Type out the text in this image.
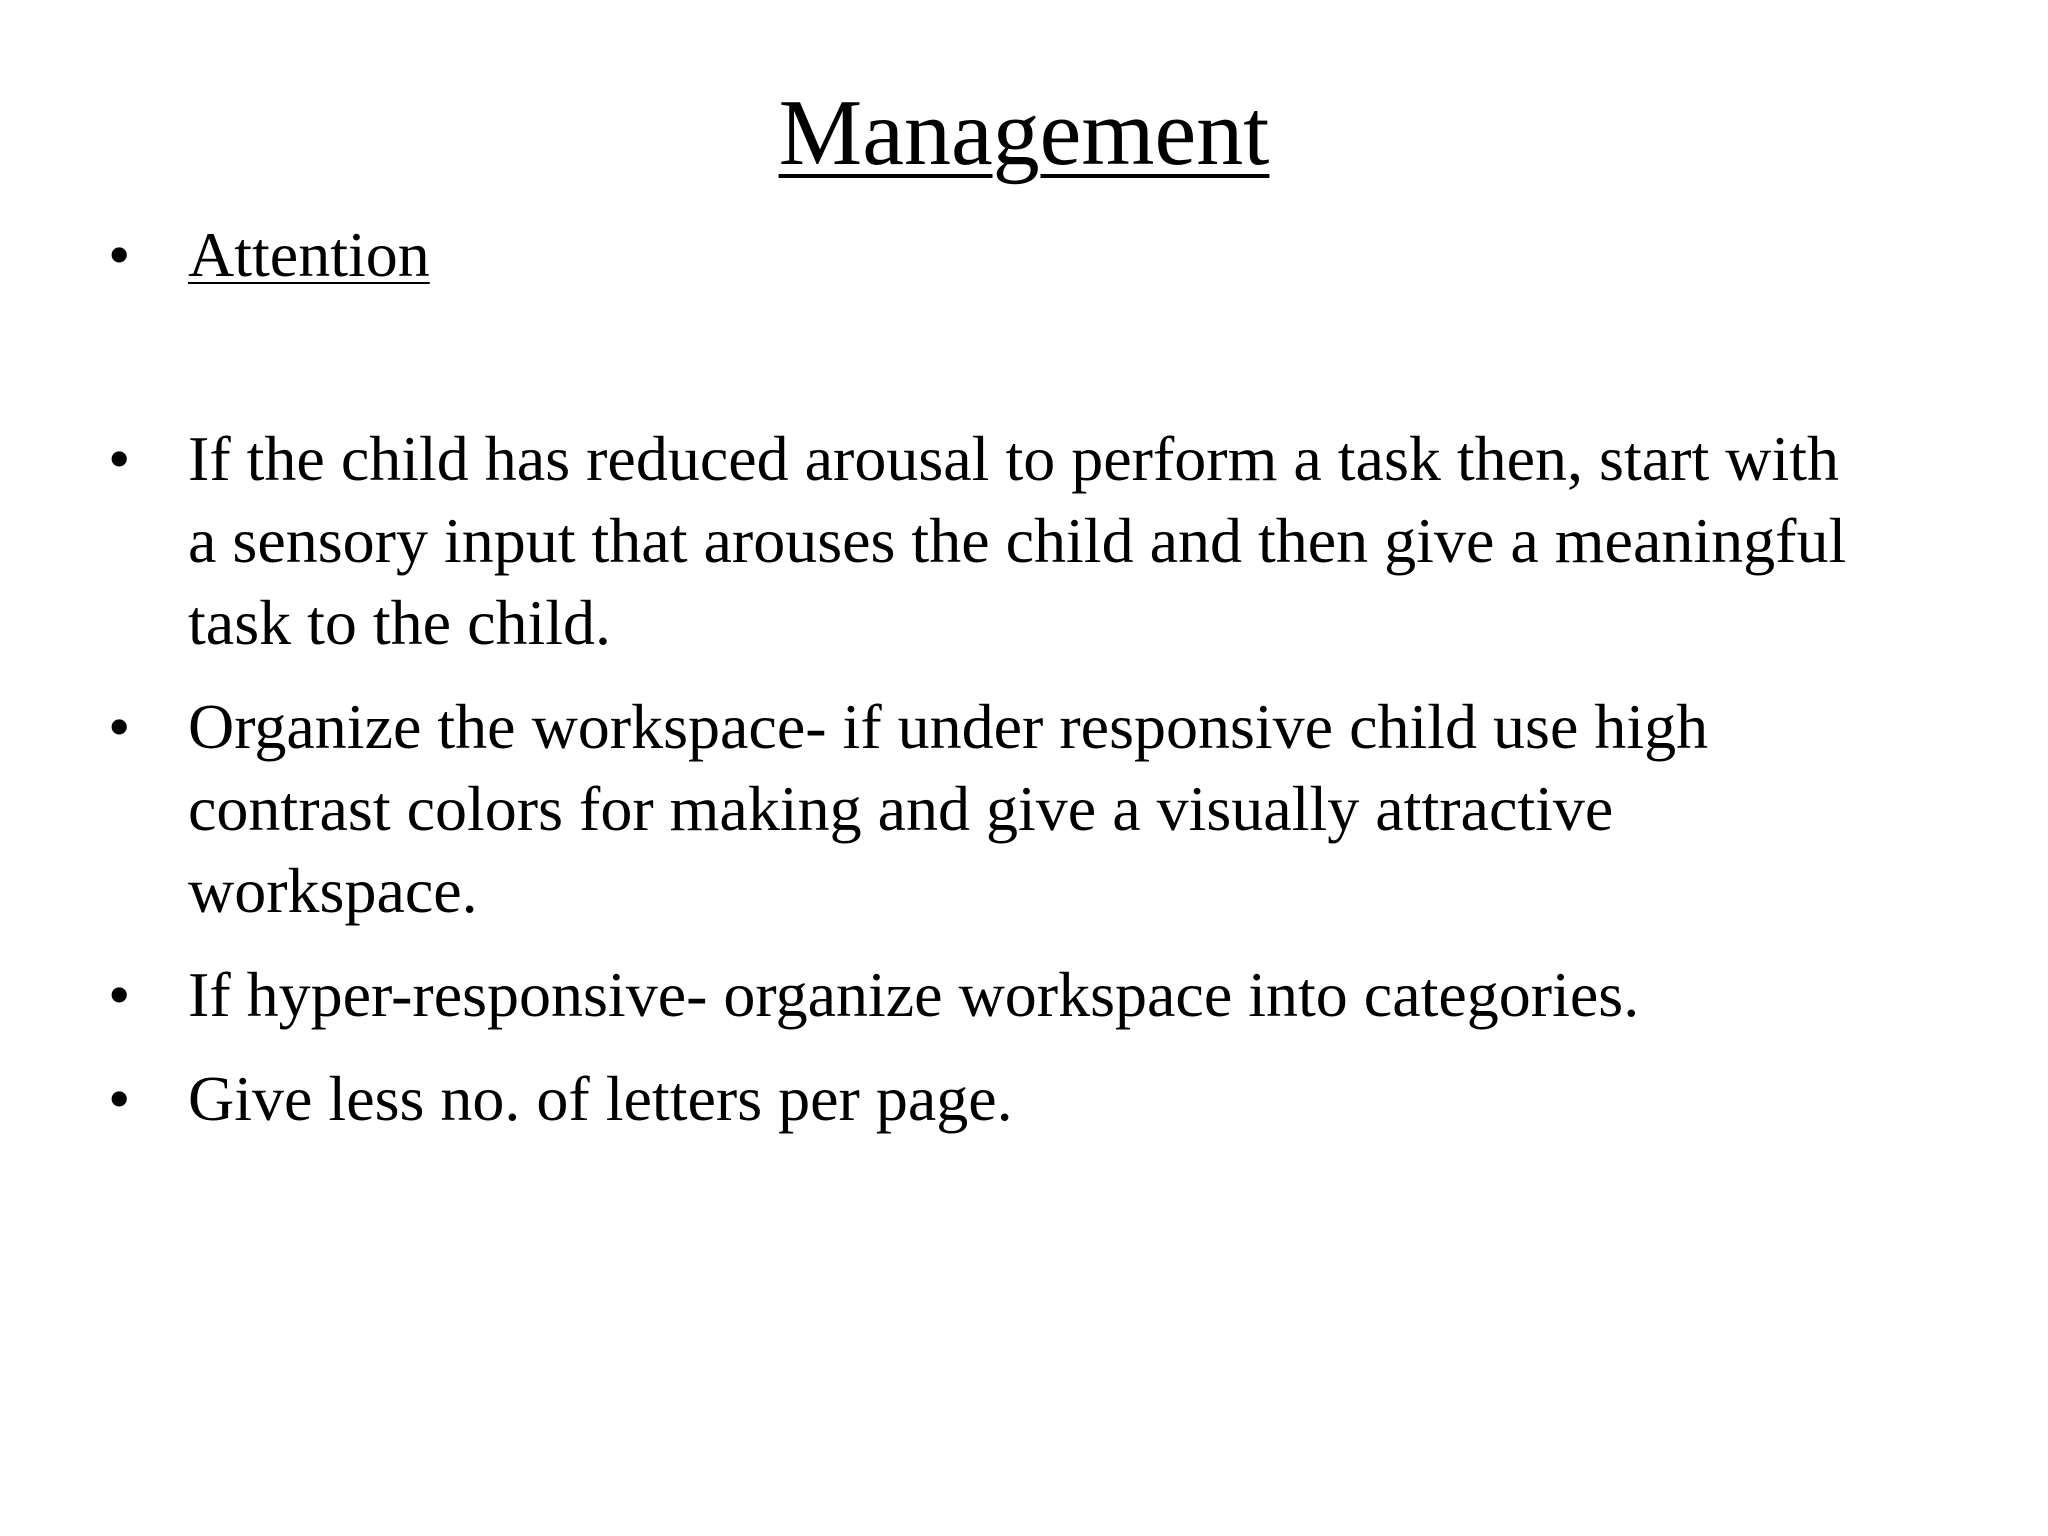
Management
• Attention
• If the child has reduced arousal to perform a task then, start with a sensory input that arouses the child and then give a meaningful task to the child.
• Organize the workspace- if under responsive child use high contrast colors for making and give a visually attractive workspace.
• If hyper-responsive- organize workspace into categories.
• Give less no. of letters per page.
